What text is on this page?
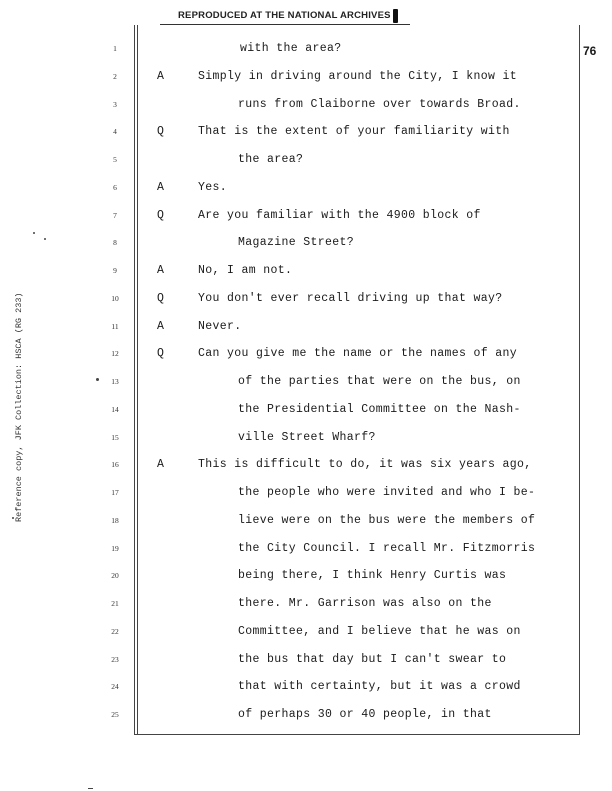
REPRODUCED AT THE NATIONAL ARCHIVES
76
Reference copy, JFK Collection: HSCA (RG 233)
1	with the area?
2	A	Simply in driving around the City, I know it
3	runs from Claiborne over towards Broad.
4	Q	That is the extent of your familiarity with
5	the area?
6	A	Yes.
7	Q	Are you familiar with the 4900 block of
8	Magazine Street?
9	A	No, I am not.
10	Q	You don't ever recall driving up that way?
11	A	Never.
12	Q	Can you give me the name or the names of any
13	of the parties that were on the bus, on
14	the Presidential Committee on the Nash-
15	ville Street Wharf?
16	A	This is difficult to do, it was six years ago,
17	the people who were invited and who I be-
18	lieve were on the bus were the members of
19	the City Council. I recall Mr. Fitzmorris
20	being there, I think Henry Curtis was
21	there. Mr. Garrison was also on the
22	Committee, and I believe that he was on
23	the bus that day but I can't swear to
24	that with certainty, but it was a crowd
25	of perhaps 30 or 40 people, in that
